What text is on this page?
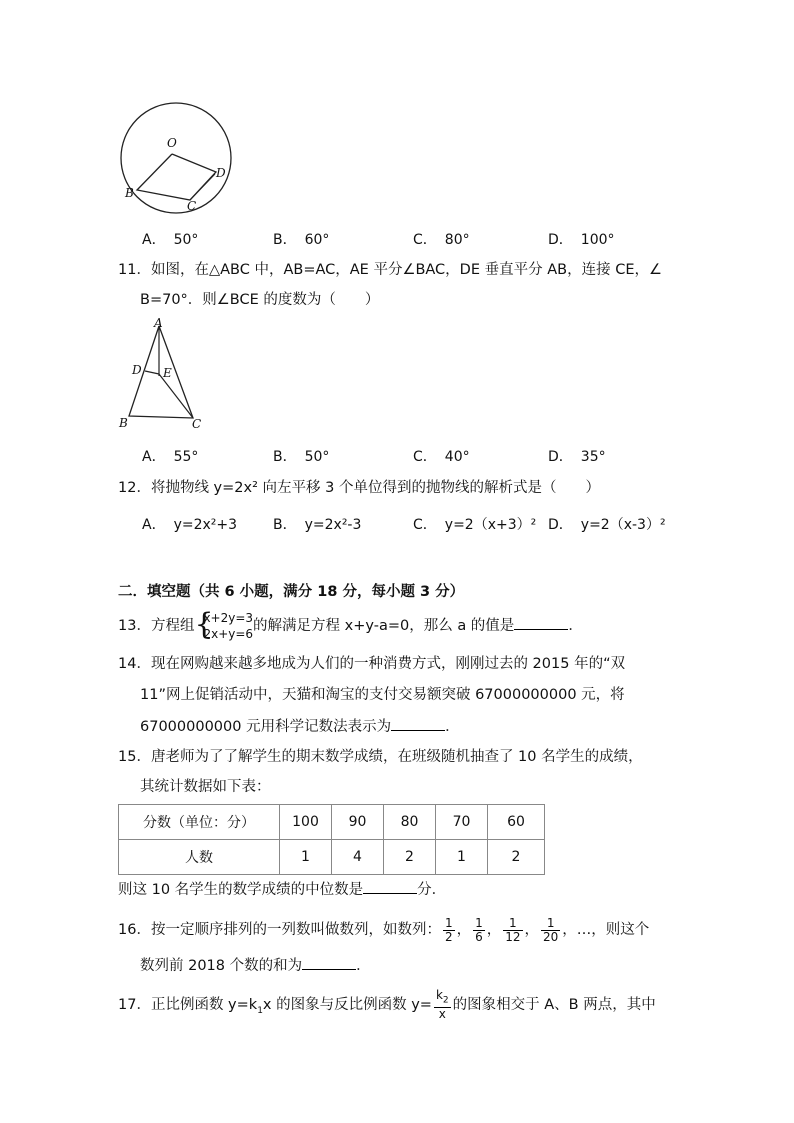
O
B
C
D
A． 50°	B． 60°	C． 80°	D． 100°
11．如图，在△ABC 中，AB=AC，AE 平分∠BAC，DE 垂直平分 AB，连接 CE，∠
B=70°．则∠BCE 的度数为（　　）
A
D E
B	C
A． 55°	B． 50°	C． 40°	D． 35°
12．将抛物线 y=2x² 向左平移 3 个单位得到的抛物线的解析式是（　　）
A． y=2x²+3	B． y=2x²-3	C． y=2（x+3）² D． y=2（x-3）²
二．填空题（共 6 小题，满分 18 分，每小题 3 分）
13．方程组 {
x+2y=3
2x+y=6 的解满足方程 x+y-a=0，那么 a 的值是	．
14．现在网购越来越多地成为人们的一种消费方式，刚刚过去的 2015 年的“双
11”网上促销活动中，天猫和淘宝的支付交易额突破 67000000000 元，将
67000000000 元用科学记数法表示为	．
15．唐老师为了了解学生的期末数学成绩，在班级随机抽查了 10 名学生的成绩，
其统计数据如下表：
分数（单位：分）	100	90	80	70	60
人数	1	4	2	1	2
则这 10 名学生的数学成绩的中位数是	分．
16．按一定顺序排列的一列数叫做数列，如数列： $\frac{1}{2}$ ， $\frac{1}{6}$ ， $\frac{1}{12}$ ， $\frac{1}{20}$ ，…，则这个
数列前 2018 个数的和为	．
17．正比例函数 $y=k_1x$ 的图象与反比例函数 $y= \frac{k_2}{x}$ 的图象相交于 A、B 两点，其中
